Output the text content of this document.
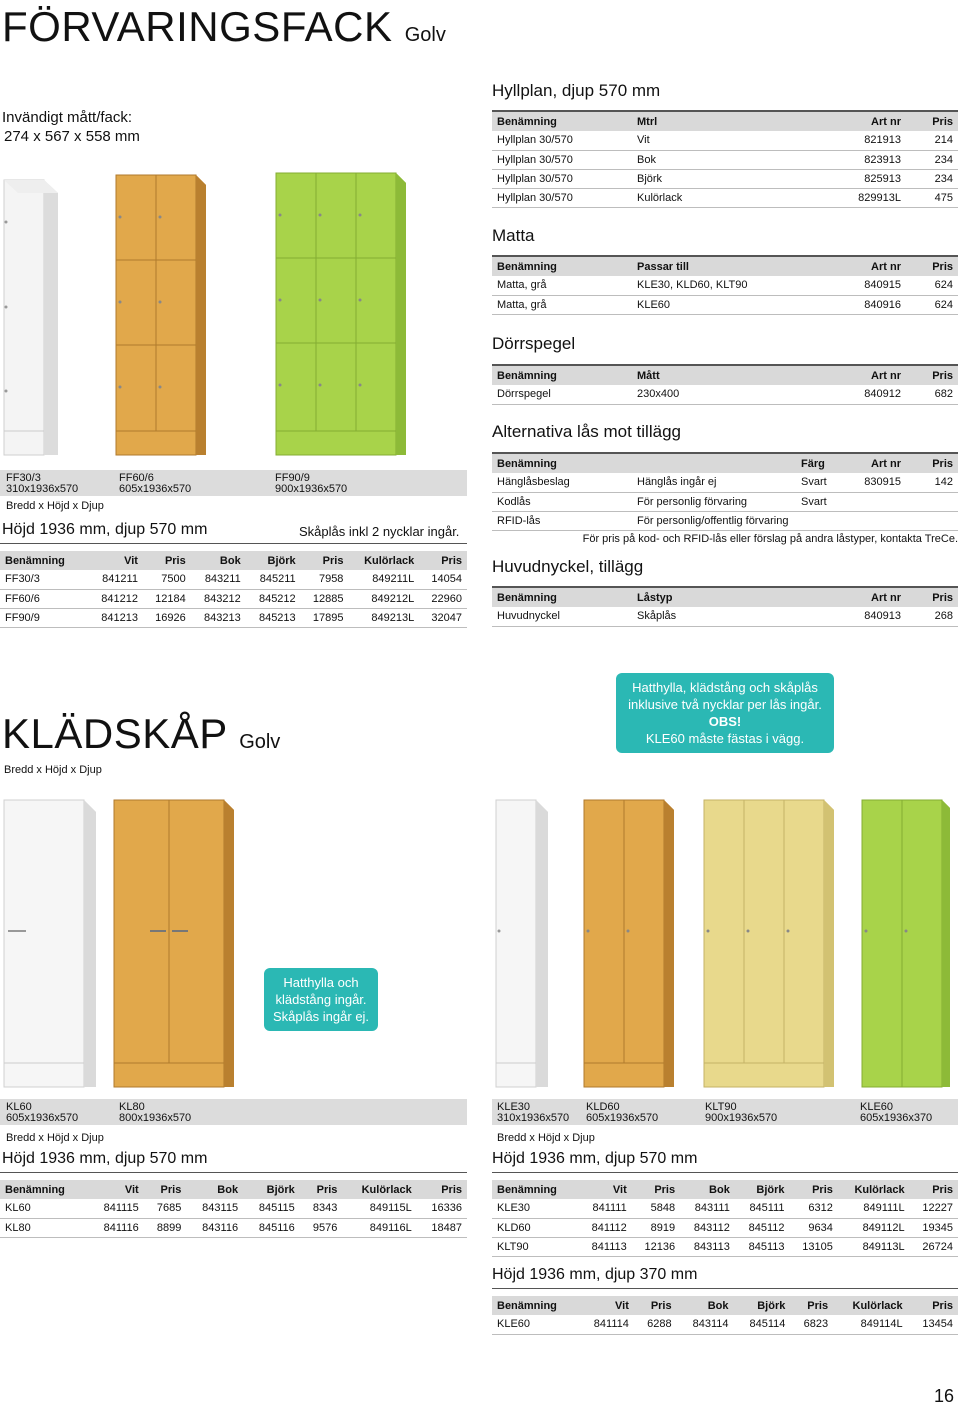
FÖRVARINGSFACK Golv
Invändigt mått/fack:
274 x 567 x 558 mm
FF30/3
310x1936x570
FF60/6
605x1936x570
FF90/9
900x1936x570
Bredd x Höjd x Djup
Höjd 1936 mm, djup 570 mm	Skåplås inkl 2 nycklar ingår.
Benämning	Vit	Pris	Bok	Björk	Pris	Kulörlack	Pris
FF30/3	841211	7500	843211	845211	7958	849211L	14054
FF60/6	841212	12184	843212	845212	12885	849212L	22960
FF90/9	841213	16926	843213	845213	17895	849213L	32047
Hyllplan, djup 570 mm
Benämning	Mtrl	Art nr	Pris
Hyllplan 30/570	Vit	821913	214
Hyllplan 30/570	Bok	823913	234
Hyllplan 30/570	Björk	825913	234
Hyllplan 30/570	Kulörlack	829913L	475
Matta
Benämning	Passar till	Art nr	Pris
Matta, grå	KLE30, KLD60, KLT90	840915	624
Matta, grå	KLE60	840916	624
Dörrspegel
Benämning	Mått	Art nr	Pris
Dörrspegel	230x400	840912	682
Alternativa lås mot tillägg
Benämning		Färg	Art nr	Pris
Hänglåsbeslag	Hänglås ingår ej	Svart	830915	142
Kodlås	För personlig förvaring	Svart		
RFID-lås	För personlig/offentlig förvaring			
För pris på kod- och RFID-lås eller förslag på andra låstyper, kontakta TreCe.
Huvudnyckel, tillägg
Benämning	Låstyp	Art nr	Pris
Huvudnyckel	Skåplås	840913	268
KLÄDSKÅP Golv
Bredd x Höjd x Djup
Hatthylla, klädstång och skåplås
inklusive två nycklar per lås ingår.
OBS!
KLE60 måste fästas i vägg.
Hatthylla och
klädstång ingår.
Skåplås ingår ej.
KL60
605x1936x570
KL80
800x1936x570
Bredd x Höjd x Djup
Höjd 1936 mm, djup 570 mm
Benämning	Vit	Pris	Bok	Björk	Pris	Kulörlack	Pris
KL60	841115	7685	843115	845115	8343	849115L	16336
KL80	841116	8899	843116	845116	9576	849116L	18487
KLE30
310x1936x570
KLD60
605x1936x570
KLT90
900x1936x570
KLE60
605x1936x370
Bredd x Höjd x Djup
Höjd 1936 mm, djup 570 mm
Benämning	Vit	Pris	Bok	Björk	Pris	Kulörlack	Pris
KLE30	841111	5848	843111	845111	6312	849111L	12227
KLD60	841112	8919	843112	845112	9634	849112L	19345
KLT90	841113	12136	843113	845113	13105	849113L	26724
Höjd 1936 mm, djup 370 mm
Benämning	Vit	Pris	Bok	Björk	Pris	Kulörlack	Pris
KLE60	841114	6288	843114	845114	6823	849114L	13454
16
